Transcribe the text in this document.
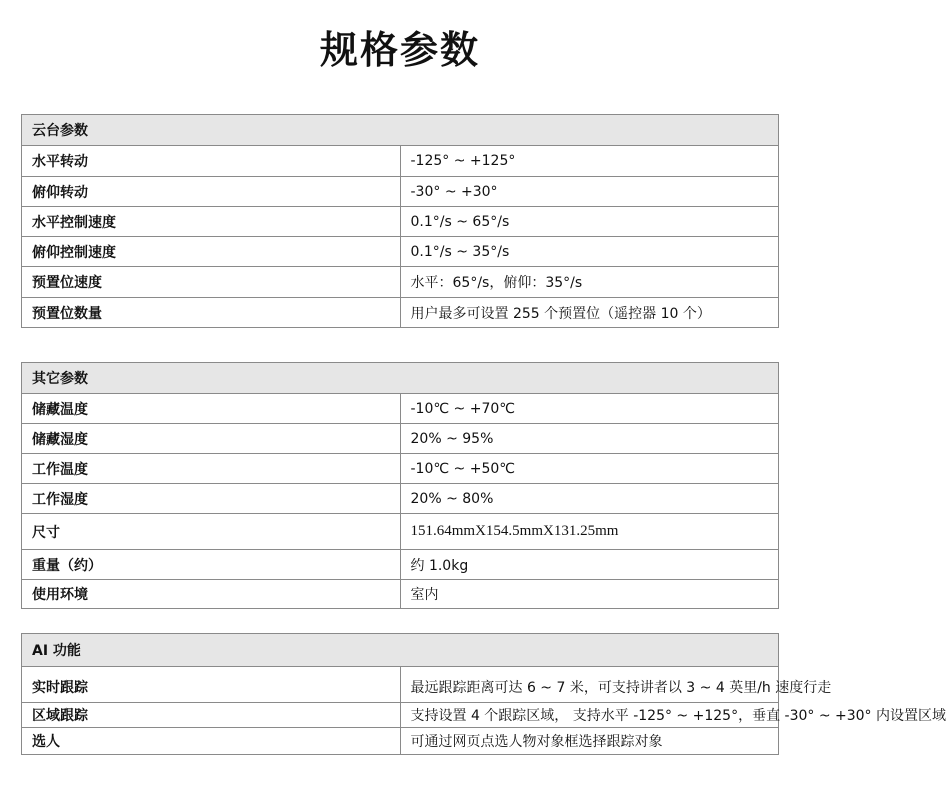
规格参数
云台参数	
水平转动	-125° ~ +125°
俯仰转动	-30° ~ +30°
水平控制速度	0.1°/s ~ 65°/s
俯仰控制速度	0.1°/s ~ 35°/s
预置位速度	水平：65°/s，俯仰：35°/s
预置位数量	用户最多可设置 255 个预置位（遥控器 10 个）
其它参数	
储藏温度	-10℃ ~ +70℃
储藏湿度	20% ~ 95%
工作温度	-10℃ ~ +50℃
工作湿度	20% ~ 80%
尺寸	151.64mmX154.5mmX131.25mm
重量（约）	约 1.0kg
使用环境	室内
AI 功能	
实时跟踪	最远跟踪距离可达 6 ~ 7 米，可支持讲者以 3 ~ 4 英里/h 速度行走
区域跟踪	支持设置 4 个跟踪区域， 支持水平 -125° ~ +125°，垂直 -30° ~ +30° 内设置区域
选人	可通过网页点选人物对象框选择跟踪对象
